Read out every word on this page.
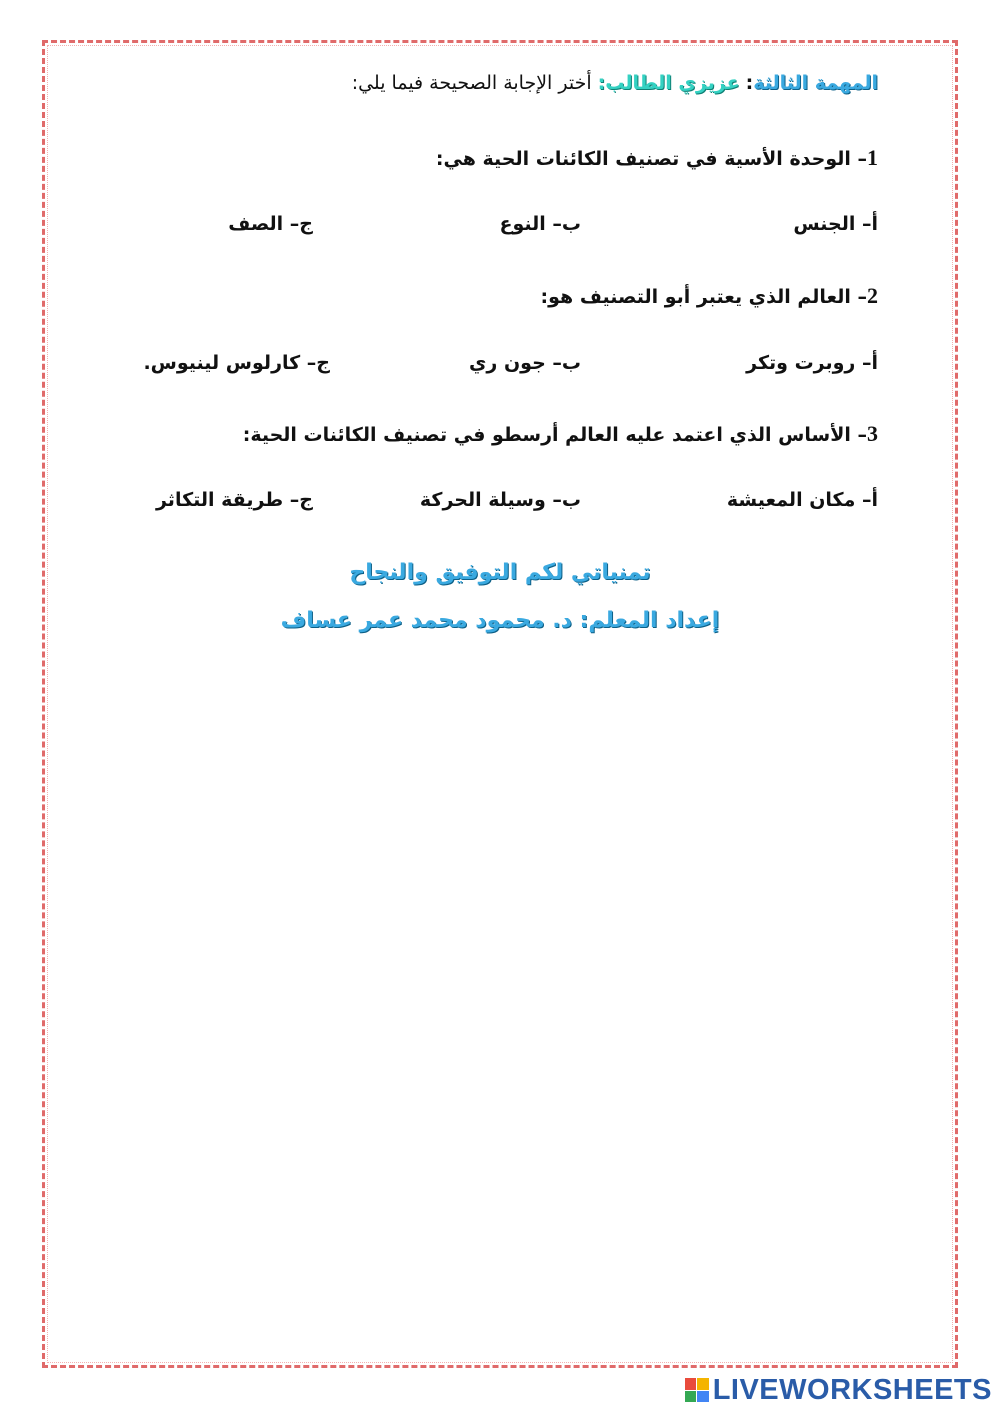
المهمة الثالثة: عزيزي الطالب: أختر الإجابة الصحيحة فيما يلي:
1– الوحدة الأسية في تصنيف الكائنات الحية هي:
أ– الجنس
ب– النوع
ج– الصف
2– العالم الذي يعتبر أبو التصنيف هو:
أ– روبرت وتكر
ب– جون ري
ج– كارلوس لينيوس.
3– الأساس الذي اعتمد عليه العالم أرسطو في تصنيف الكائنات الحية:
أ– مكان المعيشة
ب– وسيلة الحركة
ج– طريقة التكاثر
تمنياتي لكم التوفيق والنجاح
إعداد المعلم: د. محمود محمد عمر عساف
LIVEWORKSHEETS
